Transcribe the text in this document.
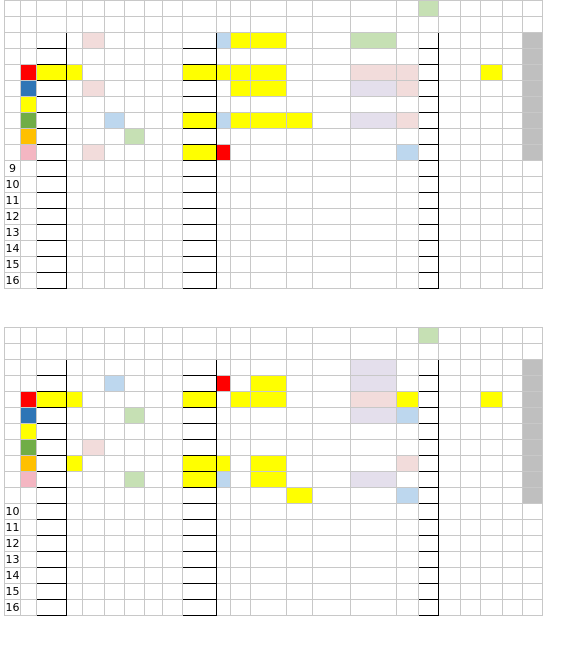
9																						
10																						
11																						
12																						
13																						
14																						
15																						
16																						

10																						
11																						
12																						
13																						
14																						
15																						
16																						
